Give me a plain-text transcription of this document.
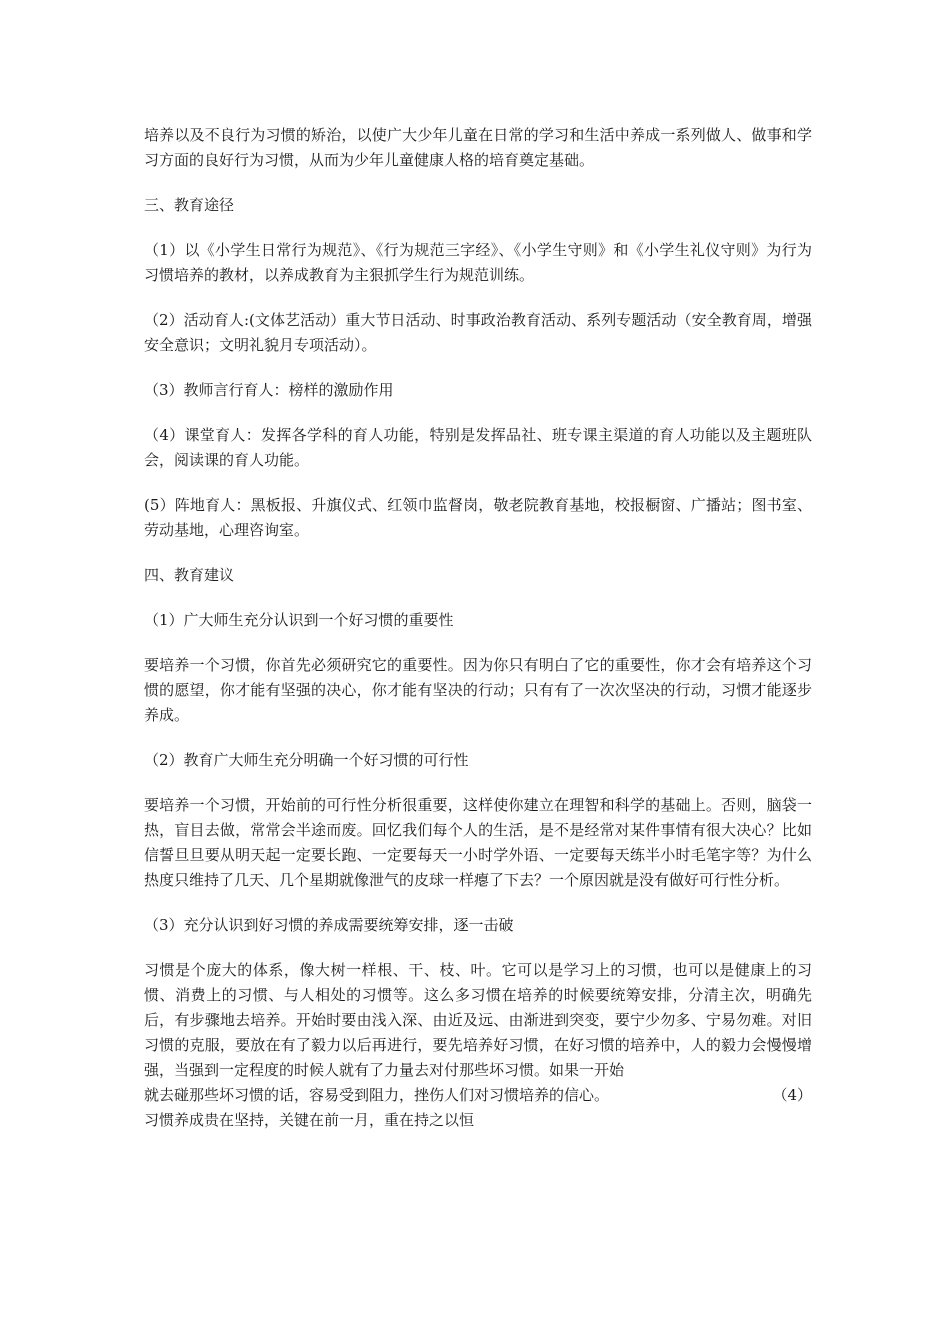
培养以及不良行为习惯的矫治，以使广大少年儿童在日常的学习和生活中养成一系列做人、做事和学习方面的良好行为习惯，从而为少年儿童健康人格的培育奠定基础。

三、教育途径

（1）以《小学生日常行为规范》、《行为规范三字经》、《小学生守则》和《小学生礼仪守则》为行为习惯培养的教材，以养成教育为主狠抓学生行为规范训练。

（2）活动育人:(文体艺活动）重大节日活动、时事政治教育活动、系列专题活动（安全教育周，增强安全意识；文明礼貌月专项活动）。

（3）教师言行育人：榜样的激励作用

（4）课堂育人：发挥各学科的育人功能，特别是发挥品社、班专课主渠道的育人功能以及主题班队会，阅读课的育人功能。

(5）阵地育人：黑板报、升旗仪式、红领巾监督岗，敬老院教育基地，校报橱窗、广播站；图书室、劳动基地，心理咨询室。

四、教育建议

（1）广大师生充分认识到一个好习惯的重要性

要培养一个习惯，你首先必须研究它的重要性。因为你只有明白了它的重要性，你才会有培养这个习惯的愿望，你才能有坚强的决心，你才能有坚决的行动；只有有了一次次坚决的行动，习惯才能逐步养成。

（2）教育广大师生充分明确一个好习惯的可行性

要培养一个习惯，开始前的可行性分析很重要，这样使你建立在理智和科学的基础上。否则，脑袋一热，盲目去做，常常会半途而废。回忆我们每个人的生活，是不是经常对某件事情有很大决心？比如信誓旦旦要从明天起一定要长跑、一定要每天一小时学外语、一定要每天练半小时毛笔字等？为什么热度只维持了几天、几个星期就像泄气的皮球一样瘪了下去？一个原因就是没有做好可行性分析。

（3）充分认识到好习惯的养成需要统筹安排，逐一击破

习惯是个庞大的体系，像大树一样根、干、枝、叶。它可以是学习上的习惯，也可以是健康上的习惯、消费上的习惯、与人相处的习惯等。这么多习惯在培养的时候要统筹安排，分清主次，明确先后，有步骤地去培养。开始时要由浅入深、由近及远、由渐进到突变，要宁少勿多、宁易勿难。对旧习惯的克服，要放在有了毅力以后再进行，要先培养好习惯，在好习惯的培养中，人的毅力会慢慢增强，当强到一定程度的时候人就有了力量去对付那些坏习惯。如果一开始
就去碰那些坏习惯的话，容易受到阻力，挫伤人们对习惯培养的信心。	（4）
习惯养成贵在坚持，关键在前一月，重在持之以恒
